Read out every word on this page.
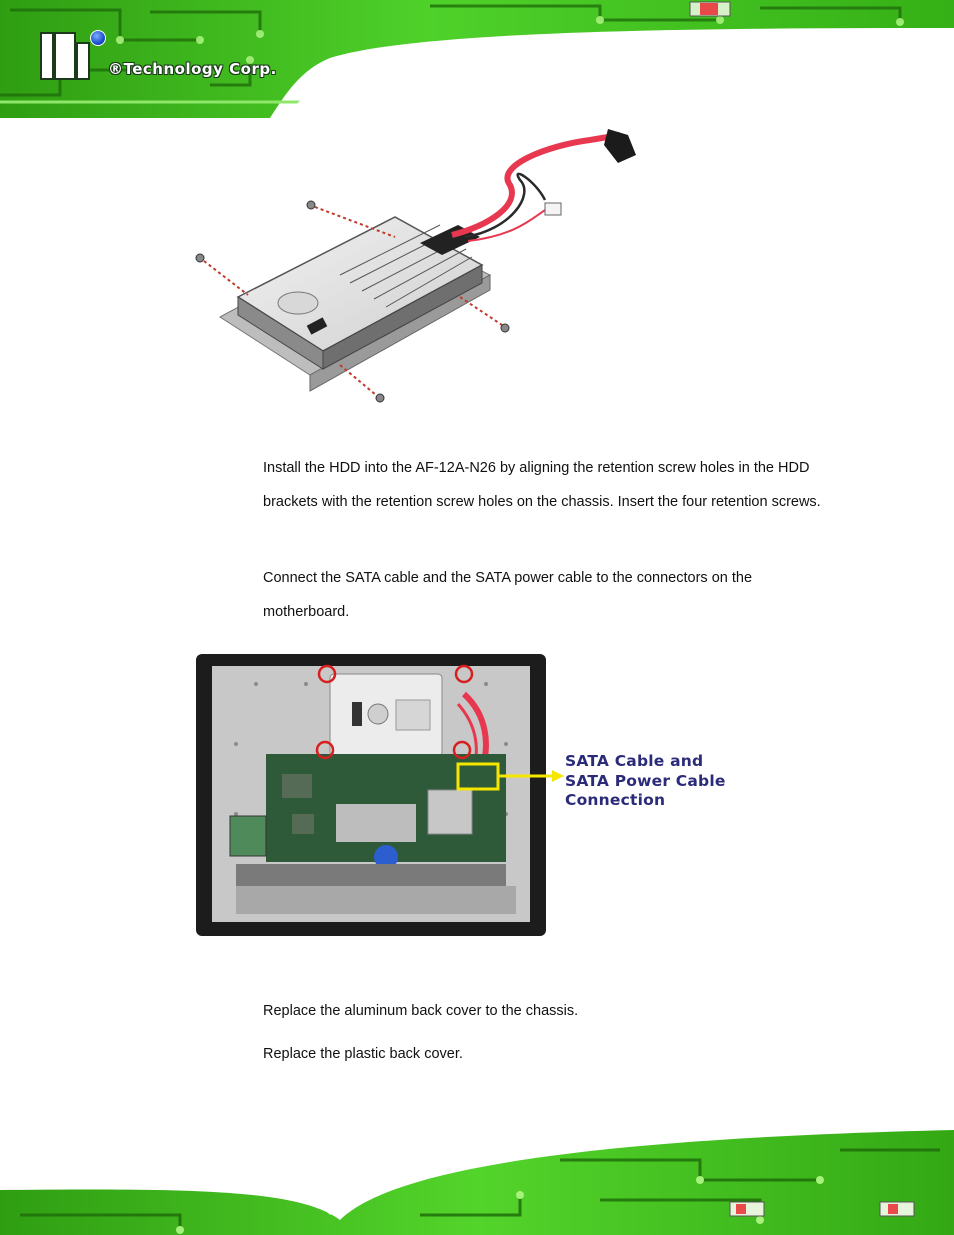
®Technology Corp.
Install the HDD into the AF-12A-N26 by aligning the retention screw holes in the HDD brackets with the retention screw holes on the chassis. Insert the four retention screws.
Connect the SATA cable and the SATA power cable to the connectors on the motherboard.
SATA Cable and
SATA Power Cable
Connection
Replace the aluminum back cover to the chassis.
Replace the plastic back cover.
